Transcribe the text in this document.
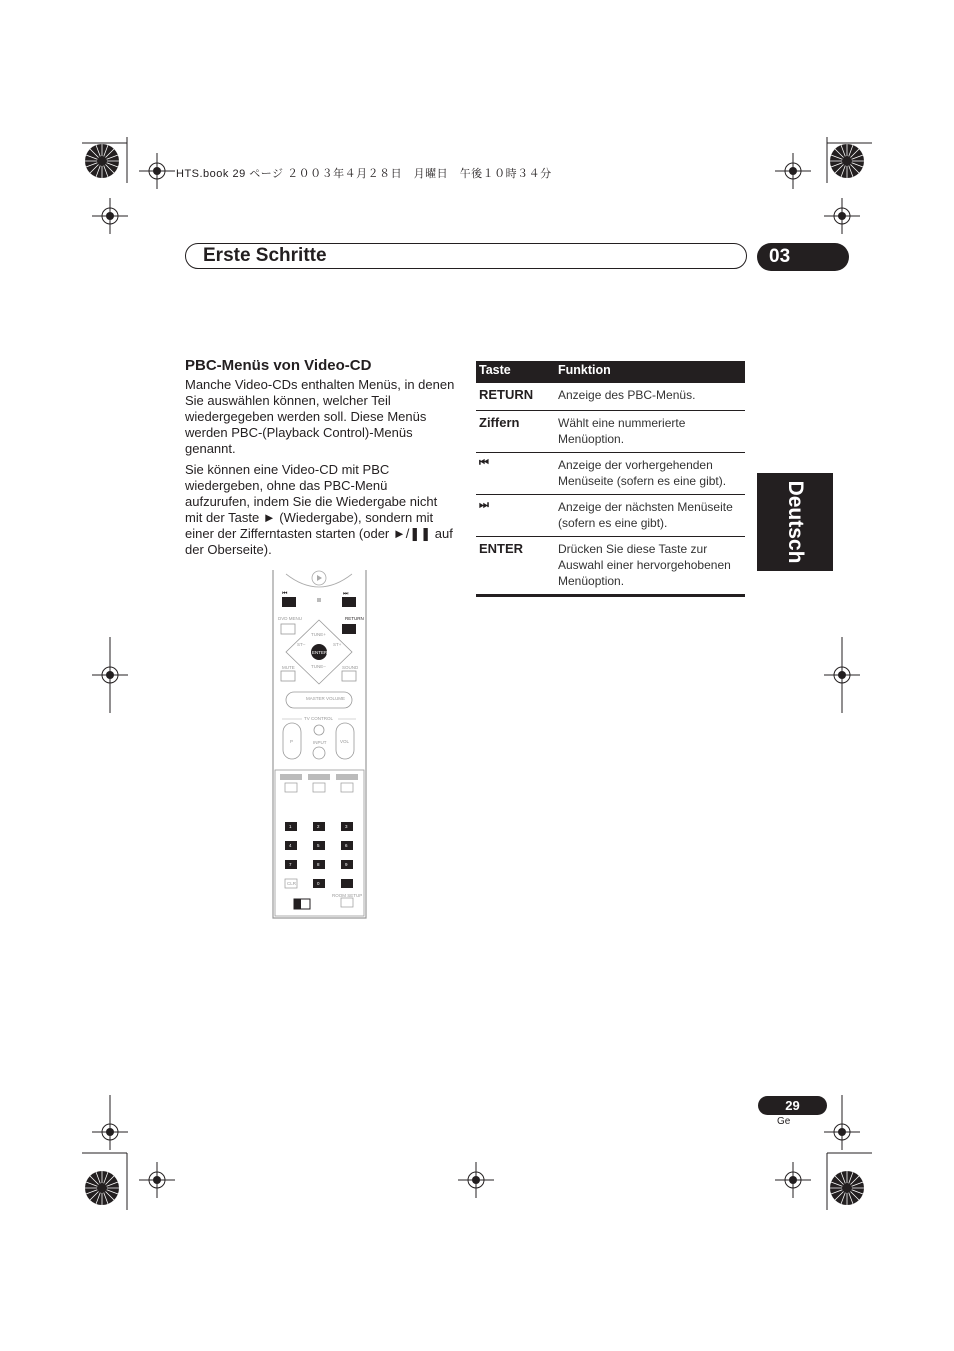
HTS.book 29 ページ ２００３年４月２８日　月曜日　午後１０時３４分
Erste Schritte	03
PBC-Menüs von Video-CD
Manche Video-CDs enthalten Menüs, in denen Sie auswählen können, welcher Teil wiedergegeben werden soll. Diese Menüs werden PBC-(Playback Control)-Menüs genannt.
Sie können eine Video-CD mit PBC wiedergeben, ohne das PBC-Menü aufzurufen, indem Sie die Wiedergabe nicht mit der Taste ► (Wiedergabe), sondern mit einer der Zifferntasten starten (oder ►/❚❚ auf der Oberseite).
Taste	Funktion
RETURN Anzeige des PBC-Menüs.
Ziffern	Wählt eine nummerierte Menüoption.
⏮	Anzeige der vorhergehenden Menüseite (sofern es eine gibt).
⏭	Anzeige der nächsten Menüseite (sofern es eine gibt).
ENTER	Drücken Sie diese Taste zur Auswahl einer hervorgehobenen Menüoption.
Deutsch
⏮	⏭
RETURN
DVD MENU
ENTER
TUNE+
TUNE–
ST–	ST+
MUTE	SOUND
MASTER VOLUME
TV CONTROL
P	INPUT	VOL
1	2	3
4	5	6
7	8	9
0
CLR
ROOM SETUP
29
Ge
